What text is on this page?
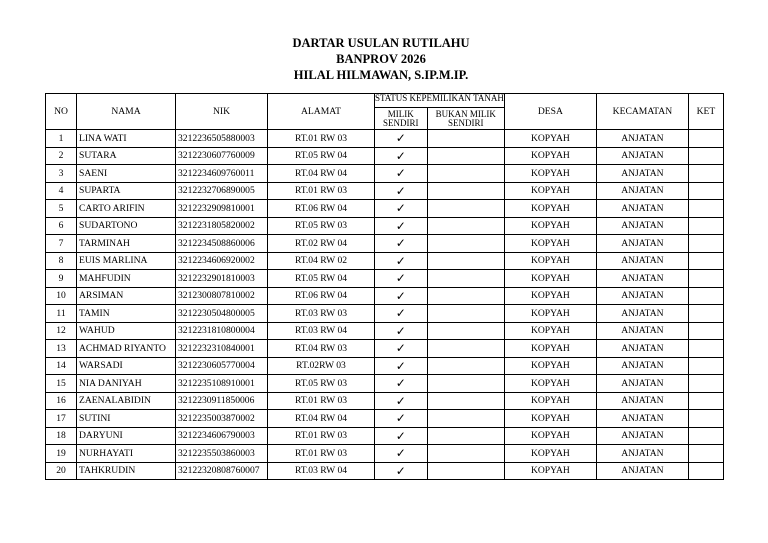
DARTAR USULAN RUTILAHU
BANPROV 2026
HILAL HILMAWAN, S.IP.M.IP.
NO	NAMA	NIK	ALAMAT	STATUS KEPEMILIKAN TANAH		DESA	KECAMATAN	KET
				MILIK SENDIRI	BUKAN MILIK SENDIRI			
1	LINA WATI	3212236505880003	RT.01 RW 03	✓		KOPYAH	ANJATAN	
2	SUTARA	3212230607760009	RT.05 RW 04	✓		KOPYAH	ANJATAN	
3	SAENI	3212234609760011	RT.04 RW 04	✓		KOPYAH	ANJATAN	
4	SUPARTA	3212232706890005	RT.01 RW 03	✓		KOPYAH	ANJATAN	
5	CARTO ARIFIN	3212232909810001	RT.06 RW 04	✓		KOPYAH	ANJATAN	
6	SUDARTONO	3212231805820002	RT.05 RW 03	✓		KOPYAH	ANJATAN	
7	TARMINAH	3212234508860006	RT.02 RW 04	✓		KOPYAH	ANJATAN	
8	EUIS MARLINA	3212234606920002	RT.04 RW 02	✓		KOPYAH	ANJATAN	
9	MAHFUDIN	3212232901810003	RT.05 RW 04	✓		KOPYAH	ANJATAN	
10	ARSIMAN	3212300807810002	RT.06 RW 04	✓		KOPYAH	ANJATAN	
11	TAMIN	3212230504800005	RT.03 RW 03	✓		KOPYAH	ANJATAN	
12	WAHUD	3212231810800004	RT.03 RW 04	✓		KOPYAH	ANJATAN	
13	ACHMAD RIYANTO	3212232310840001	RT.04 RW 03	✓		KOPYAH	ANJATAN	
14	WARSADI	3212230605770004	RT.02RW 03	✓		KOPYAH	ANJATAN	
15	NIA DANIYAH	3212235108910001	RT.05 RW 03	✓		KOPYAH	ANJATAN	
16	ZAENALABIDIN	3212230911850006	RT.01 RW 03	✓		KOPYAH	ANJATAN	
17	SUTINI	3212235003870002	RT.04 RW 04	✓		KOPYAH	ANJATAN	
18	DARYUNI	3212234606790003	RT.01 RW 03	✓		KOPYAH	ANJATAN	
19	NURHAYATI	3212235503860003	RT.01 RW 03	✓		KOPYAH	ANJATAN	
20	TAHKRUDIN	32122320808760007	RT.03 RW 04	✓		KOPYAH	ANJATAN	
